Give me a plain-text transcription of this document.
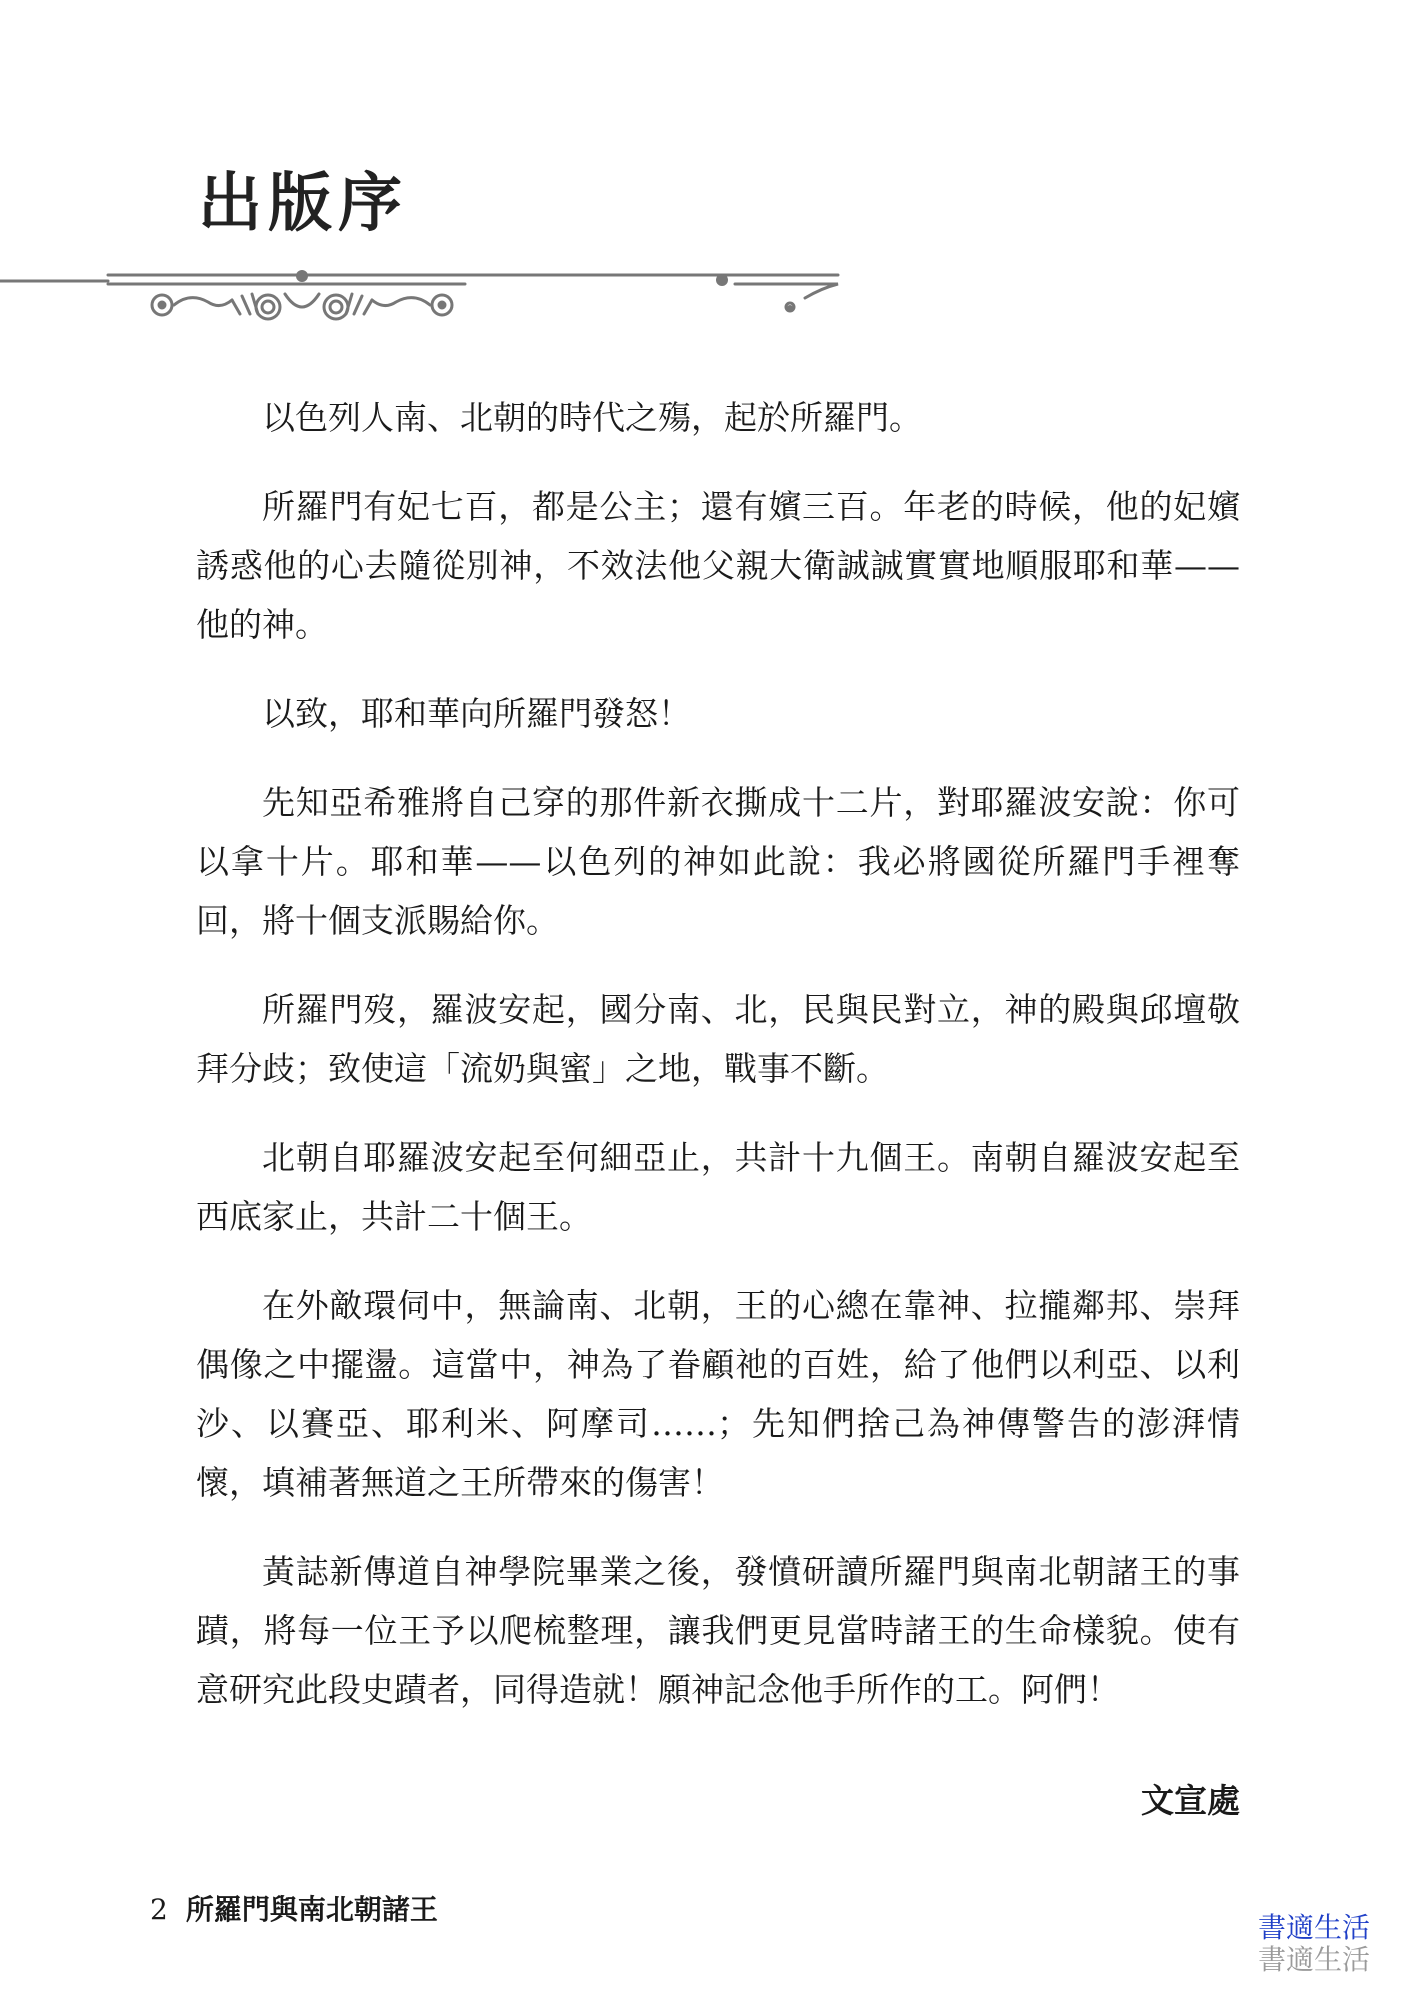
出版序

以色列人南、北朝的時代之殤，起於所羅門。

所羅門有妃七百，都是公主；還有嬪三百。年老的時候，他的妃嬪誘惑他的心去隨從別神，不效法他父親大衛誠誠實實地順服耶和華——他的神。

以致，耶和華向所羅門發怒！

先知亞希雅將自己穿的那件新衣撕成十二片，對耶羅波安說：你可以拿十片。耶和華——以色列的神如此說：我必將國從所羅門手裡奪回，將十個支派賜給你。

所羅門歿，羅波安起，國分南、北，民與民對立，神的殿與邱壇敬拜分歧；致使這「流奶與蜜」之地，戰事不斷。

北朝自耶羅波安起至何細亞止，共計十九個王。南朝自羅波安起至西底家止，共計二十個王。

在外敵環伺中，無論南、北朝，王的心總在靠神、拉攏鄰邦、崇拜偶像之中擺盪。這當中，神為了眷顧祂的百姓，給了他們以利亞、以利沙、以賽亞、耶利米、阿摩司……；先知們捨己為神傳警告的澎湃情懷，填補著無道之王所帶來的傷害！

黃誌新傳道自神學院畢業之後，發憤研讀所羅門與南北朝諸王的事蹟，將每一位王予以爬梳整理，讓我們更見當時諸王的生命樣貌。使有意研究此段史蹟者，同得造就！願神記念他手所作的工。阿們！

文宣處
2 所羅門與南北朝諸王
書適生活
書適生活
